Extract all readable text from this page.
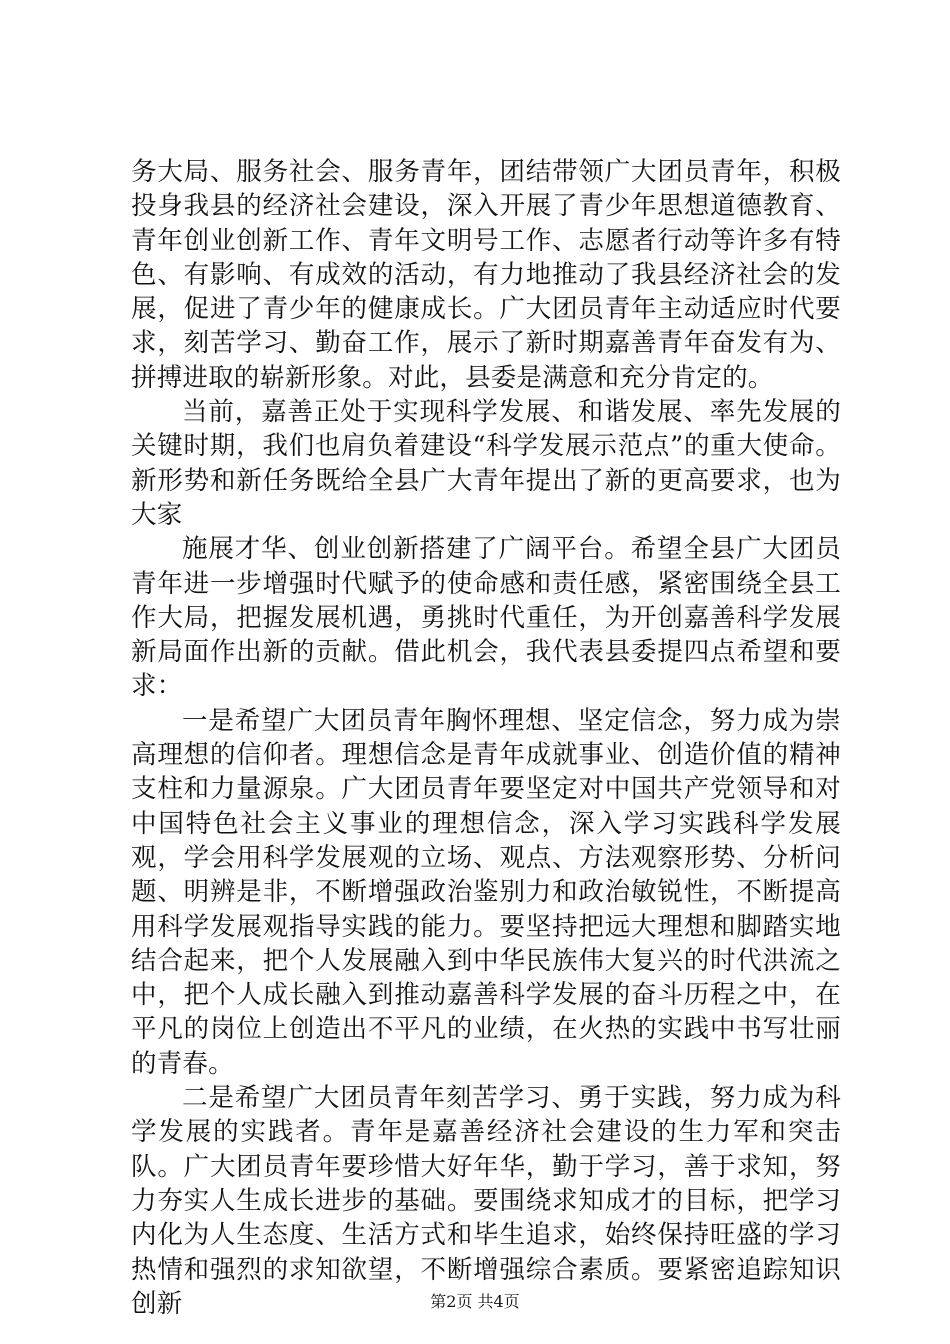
务大局、服务社会、服务青年，团结带领广大团员青年，积极投身我县的经济社会建设，深入开展了青少年思想道德教育、青年创业创新工作、青年文明号工作、志愿者行动等许多有特色、有影响、有成效的活动，有力地推动了我县经济社会的发展，促进了青少年的健康成长。广大团员青年主动适应时代要求，刻苦学习、勤奋工作，展示了新时期嘉善青年奋发有为、拼搏进取的崭新形象。对此，县委是满意和充分肯定的。

当前，嘉善正处于实现科学发展、和谐发展、率先发展的关键时期，我们也肩负着建设“科学发展示范点”的重大使命。新形势和新任务既给全县广大青年提出了新的更高要求，也为大家

施展才华、创业创新搭建了广阔平台。希望全县广大团员青年进一步增强时代赋予的使命感和责任感，紧密围绕全县工作大局，把握发展机遇，勇挑时代重任，为开创嘉善科学发展新局面作出新的贡献。借此机会，我代表县委提四点希望和要求：

一是希望广大团员青年胸怀理想、坚定信念，努力成为崇高理想的信仰者。理想信念是青年成就事业、创造价值的精神支柱和力量源泉。广大团员青年要坚定对中国共产党领导和对中国特色社会主义事业的理想信念，深入学习实践科学发展观，学会用科学发展观的立场、观点、方法观察形势、分析问题、明辨是非，不断增强政治鉴别力和政治敏锐性，不断提高用科学发展观指导实践的能力。要坚持把远大理想和脚踏实地结合起来，把个人发展融入到中华民族伟大复兴的时代洪流之中，把个人成长融入到推动嘉善科学发展的奋斗历程之中，在平凡的岗位上创造出不平凡的业绩，在火热的实践中书写壮丽的青春。

二是希望广大团员青年刻苦学习、勇于实践，努力成为科学发展的实践者。青年是嘉善经济社会建设的生力军和突击队。广大团员青年要珍惜大好年华，勤于学习，善于求知，努力夯实人生成长进步的基础。要围绕求知成才的目标，把学习内化为人生态度、生活方式和毕生追求，始终保持旺盛的学习热情和强烈的求知欲望，不断增强综合素质。要紧密追踪知识创新	第2页 共4页
